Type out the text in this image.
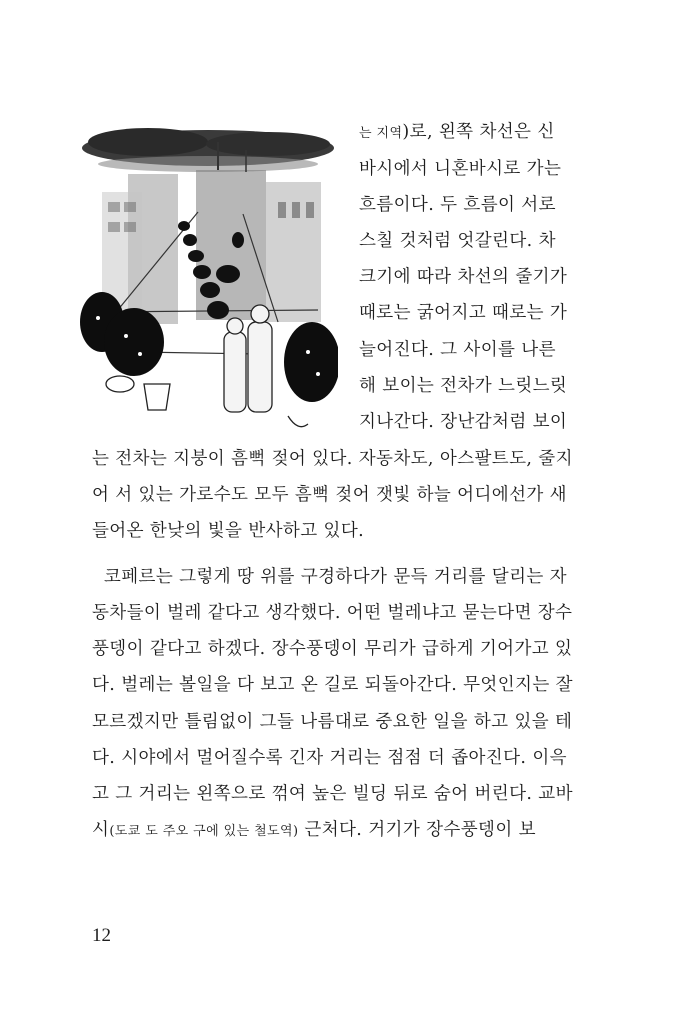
는 지역)로, 왼쪽 차선은 신
바시에서 니혼바시로 가는
흐름이다. 두 흐름이 서로
스칠 것처럼 엇갈린다. 차
크기에 따라 차선의 줄기가
때로는 굵어지고 때로는 가
늘어진다. 그 사이를 나른
해 보이는 전차가 느릿느릿
지나간다. 장난감처럼 보이
는 전차는 지붕이 흠뻑 젖어 있다. 자동차도, 아스팔트도, 줄지
어 서 있는 가로수도 모두 흠뻑 젖어 잿빛 하늘 어디에선가 새
들어온 한낮의 빛을 반사하고 있다.
코페르는 그렇게 땅 위를 구경하다가 문득 거리를 달리는 자
동차들이 벌레 같다고 생각했다. 어떤 벌레냐고 묻는다면 장수
풍뎅이 같다고 하겠다. 장수풍뎅이 무리가 급하게 기어가고 있
다. 벌레는 볼일을 다 보고 온 길로 되돌아간다. 무엇인지는 잘
모르겠지만 틀림없이 그들 나름대로 중요한 일을 하고 있을 테
다. 시야에서 멀어질수록 긴자 거리는 점점 더 좁아진다. 이윽
고 그 거리는 왼쪽으로 꺾여 높은 빌딩 뒤로 숨어 버린다. 교바
시(도쿄 도 주오 구에 있는 철도역) 근처다. 거기가 장수풍뎅이 보
12
